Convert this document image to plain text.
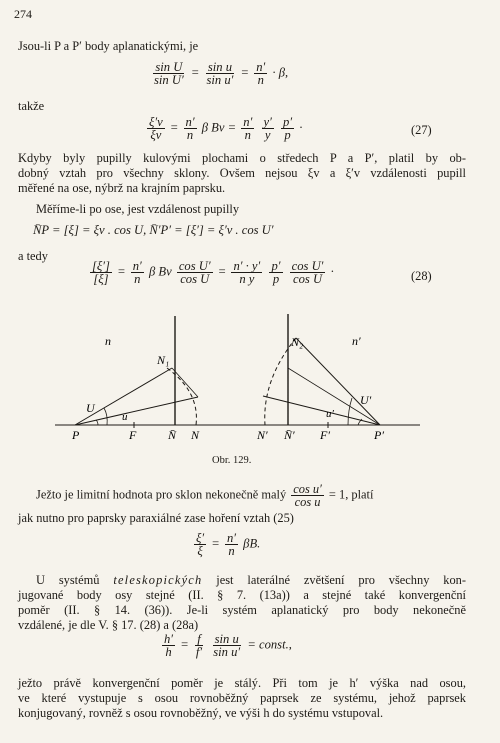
274
Jsou-li P a P′ body aplanatickými, je
$\frac{\text{sin U}}{\text{sin U′}} = \frac{\text{sin u}}{\text{sin u′}} = \frac{n'}{n} \cdot \beta$,
takže
$\frac{\xi'v}{\xi v} = \frac{n'}{n}$ β $Bv = \frac{n'}{n}$
$\frac{y'}{y}$
$\frac{p'}{p}$ ·	(27)
Kdyby byly pupilly kulovými plochami o středech P a P′, platil by ob-
dobný vztah pro všechny sklony. Ovšem nejsou ξv a ξ′v vzdálenosti pupill
měřené na ose, nýbrž na krajním paprsku.
Měříme-li po ose, jest vzdálenost pupilly
N̄P = [ξ] = ξv . cos U, N̄′P′ = [ξ′] = ξ′v . cos U′
a tedy
$\frac{[\xi']}{[\xi]} = \frac{n'}{n}$ β Bv $\frac{\text{cos U′}}{\text{cos U}} = \frac{n' \cdot y'}{\text{n y}}$
$\frac{p'}{p}$
$\frac{\text{cos U′}}{\text{cos U}}$ ·	(28)
n	n′
N₁
N₂
U
u
U′
u′
P	F	N̄ N	N′ N̄′ F′	P′
Obr. 129.
Ježto je limitní hodnota pro sklon nekonečně malý $\frac{\text{cos u′}}{\text{cos u}} = 1$, platí
jak nutno pro paprsky paraxiálné zase hoření vztah (25)
$\frac{\xi'}{\xi} = \frac{n'}{n} \beta B$.
U systémů teleskopických jest laterálné zvětšení pro všechny kon-
jugované body osy stejné (II. § 7. (13a)) a stejné také konvergenční
poměr (II. § 14. (36)). Je-li systém aplanatický pro body nekonečně
vzdálené, je dle V. § 17. (28) a (28a)
$\frac{h'}{h} = \frac{f}{f'}$
$\frac{\text{sin u}}{\text{sin u′}}$ = const.,
ježto právě konvergenční poměr je stálý. Při tom je h′ výška nad osou,
ve které vystupuje s osou rovnoběžný paprsek ze systému, jehož paprsek
konjugovaný, rovněž s osou rovnoběžný, ve výši h do systému vstupoval.
